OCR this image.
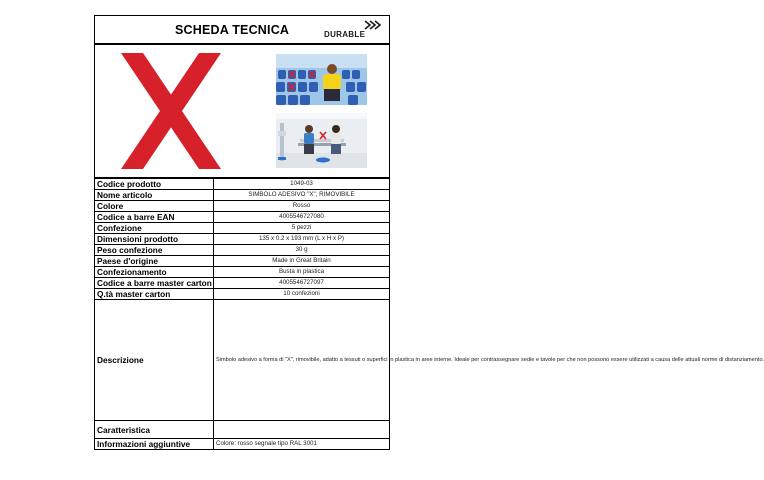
SCHEDA TECNICA	DURABLE
Codice prodotto	1049-03
Nome articolo	SIMBOLO ADESIVO "X", RIMOVIBILE
Colore	Rosso
Codice a barre EAN	4005546727080
Confezione	5 pezzi
Dimensioni prodotto	135 x 0.2 x 193 mm (L x H x P)
Peso confezione	30 g
Paese d'origine	Made in Great Britain
Confezionamento	Busta in plastica
Codice a barre master carton	4005546727097
Q.tà master carton	10 confezioni
Descrizione	Simbolo adesivo a forma di "X", rimovibile, adatto a tessuti o superfici in plastica in aree interne. Ideale per contrassegnare sedie e tavole per che non possono essere utilizzati a causa delle attuali norme di distanziamento.
Caratteristica	
Informazioni aggiuntive	Colore: rosso segnale tipo RAL 3001
